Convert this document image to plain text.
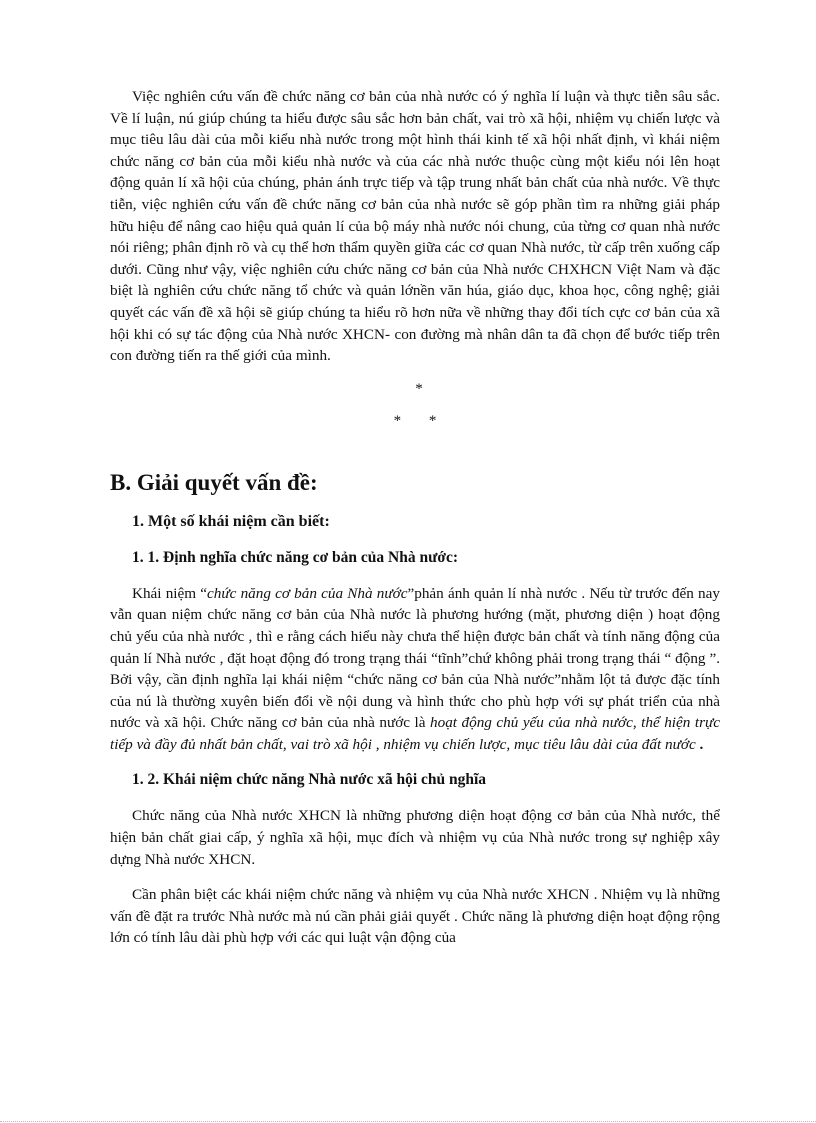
Việc nghiên cứu vấn đề chức năng cơ bản của nhà nước có ý nghĩa lí luận và thực tiễn sâu sắc. Về lí luận, nú giúp chúng ta hiểu được sâu sắc hơn bản chất, vai trò xã hội, nhiệm vụ chiến lược và mục tiêu lâu dài của mỗi kiểu nhà nước trong một hình thái kinh tế xã hội nhất định, vì khái niệm chức năng cơ bản của mỗi kiểu nhà nước và của các nhà nước thuộc cùng một kiểu nói lên hoạt động quản lí xã hội của chúng, phản ánh trực tiếp và tập trung nhất bản chất của nhà nước. Về thực tiễn, việc nghiên cứu vấn đề chức năng cơ bản của nhà nước sẽ góp phần tìm ra những giải pháp hữu hiệu để nâng cao hiệu quả quản lí của bộ máy nhà nước nói chung, của từng cơ quan nhà nước nói riêng; phân định rõ và cụ thể hơn thẩm quyền giữa các cơ quan Nhà nước, từ cấp trên xuống cấp dưới. Cũng như vậy, việc nghiên cứu chức năng cơ bản của Nhà nước CHXHCN Việt Nam và đặc biệt là nghiên cứu chức năng tổ chức và quản lớnền văn húa, giáo dục, khoa học, công nghệ; giải quyết các vấn đề xã hội sẽ giúp chúng ta hiểu rõ hơn nữa về những thay đổi tích cực cơ bản của xã hội khi có sự tác động của Nhà nước XHCN- con đường mà nhân dân ta đã chọn để bước tiếp trên con đường tiến ra thế giới của mình.

*
* *
B. Giải quyết vấn đề:
1. Một số khái niệm cần biết:
1. 1. Định nghĩa chức năng cơ bản của Nhà nước:

Khái niệm “chức năng cơ bản của Nhà nước”phản ánh quản lí nhà nước . Nếu từ trước đến nay vẫn quan niệm chức năng cơ bản của Nhà nước là phương hướng (mặt, phương diện ) hoạt động chủ yếu của nhà nước , thì e rằng cách hiểu này chưa thể hiện được bản chất và tính năng động của quản lí Nhà nước , đặt hoạt động đó trong trạng thái “tĩnh”chứ không phải trong trạng thái “ động ”. Bởi vậy, cần định nghĩa lại khái niệm “chức năng cơ bản của Nhà nước”nhằm lột tả được đặc tính của nú là thường xuyên biến đổi về nội dung và hình thức cho phù hợp với sự phát triển của nhà nước và xã hội. Chức năng cơ bản của nhà nước là hoạt động chủ yếu của nhà nước, thể hiện trực tiếp và đầy đủ nhất bản chất, vai trò xã hội , nhiệm vụ chiến lược, mục tiêu lâu dài của đất nước .

1. 2. Khái niệm chức năng Nhà nước xã hội chủ nghĩa

Chức năng của Nhà nước XHCN là những phương diện hoạt động cơ bản của Nhà nước, thể hiện bản chất giai cấp, ý nghĩa xã hội, mục đích và nhiệm vụ của Nhà nước trong sự nghiệp xây dựng Nhà nước XHCN.

Cần phân biệt các khái niệm chức năng và nhiệm vụ của Nhà nước XHCN . Nhiệm vụ là những vấn đề đặt ra trước Nhà nước mà nú cần phải giải quyết . Chức năng là phương diện hoạt động rộng lớn có tính lâu dài phù hợp với các qui luật vận động của
